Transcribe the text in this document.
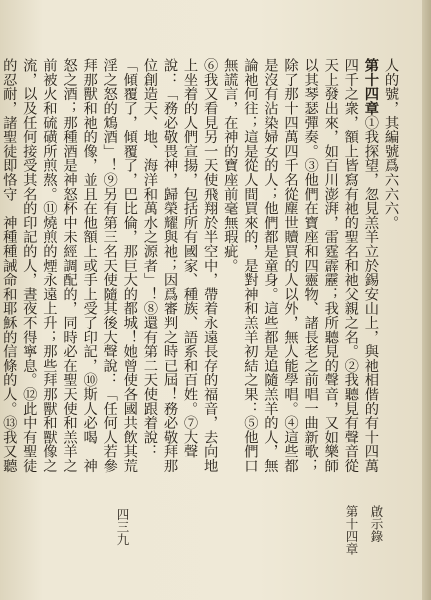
人的號，其編號爲六六六。

第十四章①我探望，忽見羔羊立於錫安山上，與祂相偕的有十四萬四千之衆，額上皆寫有祂的聖名和祂父親之名。②我聽見有聲音從天上發出來，如百川澎湃，雷霆霹靂；我所聽見的聲音，又如樂師以其琴瑟彈奏。③他們在寶座和四靈物、諸長老之前唱一曲新歌；除了那十四萬四千名從塵世贖買的人以外，無人能學唱。④這些都是沒有沾染婦女的人；他們都是童身。這些都是追隨羔羊的人，無論祂何往；這是從人間買來的，是對神和羔羊初結之果：⑤他們口無謊言，在神的寶座前毫無瑕疵。

⑥我又看見另一天使飛翔於半空中，帶着永遠長存的福音，去向地上坐着的人們宣揚，包括所有國家、種族、語系和百姓。⑦大聲說：「務必敬畏神，歸榮耀與祂；因爲審判之時已屆！務必敬拜那位創造天、地、海洋和萬水之源者」！⑧還有第二天使跟着說：「傾覆了，傾覆了，巴比倫，那巨大的都城！她曾使各國共飲其荒淫之怒的鴆酒」！⑨另有第三名天使隨其後大聲說：「任何人若參拜那獸和祂的像，並且在他額上或手上受了印記，⑩斯人必喝　神怒之酒；那種酒是神怒杯中未經調配的，同時必在聖天使和羔羊之前被火和硫磺所煎熬。⑪燒煎的煙永遠上升；那些拜那獸和獸像之流，以及任何接受其名的印記的人，晝夜不得寧息。⑫此中有聖徒的忍耐，諸聖徒即恪守　神種種誡命和耶穌的信條的人。⑬我又聽

第十四章 啟示錄
四三九
